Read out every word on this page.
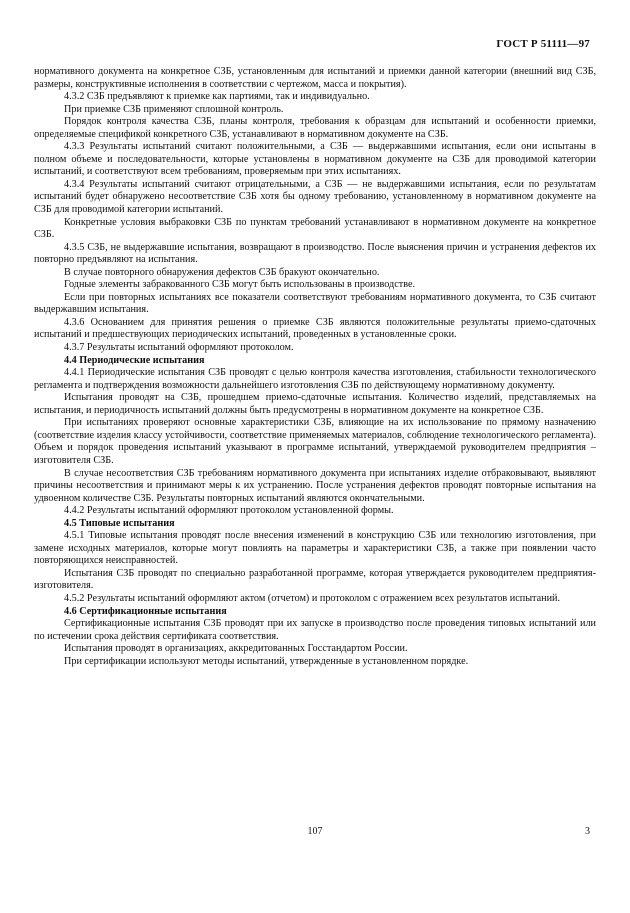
ГОСТ Р 51111—97

нормативного документа на конкретное СЗБ, установленным для испытаний и приемки данной категории (внешний вид СЗБ, размеры, конструктивные исполнения в соответствии с чертежом, масса и покрытия).

4.3.2 СЗБ предъявляют к приемке как партиями, так и индивидуально.

При приемке СЗБ применяют сплошной контроль.

Порядок контроля качества СЗБ, планы контроля, требования к образцам для испытаний и особенности приемки, определяемые спецификой конкретного СЗБ, устанавливают в нормативном документе на СЗБ.

4.3.3 Результаты испытаний считают положительными, а СЗБ — выдержавшими испытания, если они испытаны в полном объеме и последовательности, которые установлены в нормативном документе на СЗБ для проводимой категории испытаний, и соответствуют всем требованиям, проверяемым при этих испытаниях.

4.3.4 Результаты испытаний считают отрицательными, а СЗБ — не выдержавшими испытания, если по результатам испытаний будет обнаружено несоответствие СЗБ хотя бы одному требованию, установленному в нормативном документе на СЗБ для проводимой категории испытаний.

Конкретные условия выбраковки СЗБ по пунктам требований устанавливают в нормативном документе на конкретное СЗБ.

4.3.5 СЗБ, не выдержавшие испытания, возвращают в производство. После выяснения причин и устранения дефектов их повторно предъявляют на испытания.

В случае повторного обнаружения дефектов СЗБ бракуют окончательно.

Годные элементы забракованного СЗБ могут быть использованы в производстве.

Если при повторных испытаниях все показатели соответствуют требованиям нормативного документа, то СЗБ считают выдержавшим испытания.

4.3.6 Основанием для принятия решения о приемке СЗБ являются положительные результаты приемо-сдаточных испытаний и предшествующих периодических испытаний, проведенных в установленные сроки.

4.3.7 Результаты испытаний оформляют протоколом.

4.4 Периодические испытания

4.4.1 Периодические испытания СЗБ проводят с целью контроля качества изготовления, стабильности технологического регламента и подтверждения возможности дальнейшего изготовления СЗБ по действующему нормативному документу.

Испытания проводят на СЗБ, прошедшем приемо-сдаточные испытания. Количество изделий, представляемых на испытания, и периодичность испытаний должны быть предусмотрены в нормативном документе на конкретное СЗБ.

При испытаниях проверяют основные характеристики СЗБ, влияющие на их использование по прямому назначению (соответствие изделия классу устойчивости, соответствие применяемых материалов, соблюдение технологического регламента). Объем и порядок проведения испытаний указывают в программе испытаний, утверждаемой руководителем предприятия – изготовителя СЗБ.

В случае несоответствия СЗБ требованиям нормативного документа при испытаниях изделие отбраковывают, выявляют причины несоответствия и принимают меры к их устранению. После устранения дефектов проводят повторные испытания на удвоенном количестве СЗБ. Результаты повторных испытаний являются окончательными.

4.4.2 Результаты испытаний оформляют протоколом установленной формы.

4.5 Типовые испытания

4.5.1 Типовые испытания проводят после внесения изменений в конструкцию СЗБ или технологию изготовления, при замене исходных материалов, которые могут повлиять на параметры и характеристики СЗБ, а также при появлении часто повторяющихся неисправностей.

Испытания СЗБ проводят по специально разработанной программе, которая утверждается руководителем предприятия-изготовителя.

4.5.2 Результаты испытаний оформляют актом (отчетом) и протоколом с отражением всех результатов испытаний.

4.6 Сертификационные испытания

Сертификационные испытания СЗБ проводят при их запуске в производство после проведения типовых испытаний или по истечении срока действия сертификата соответствия.

Испытания проводят в организациях, аккредитованных Госстандартом России.

При сертификации используют методы испытаний, утвержденные в установленном порядке.

107	3
